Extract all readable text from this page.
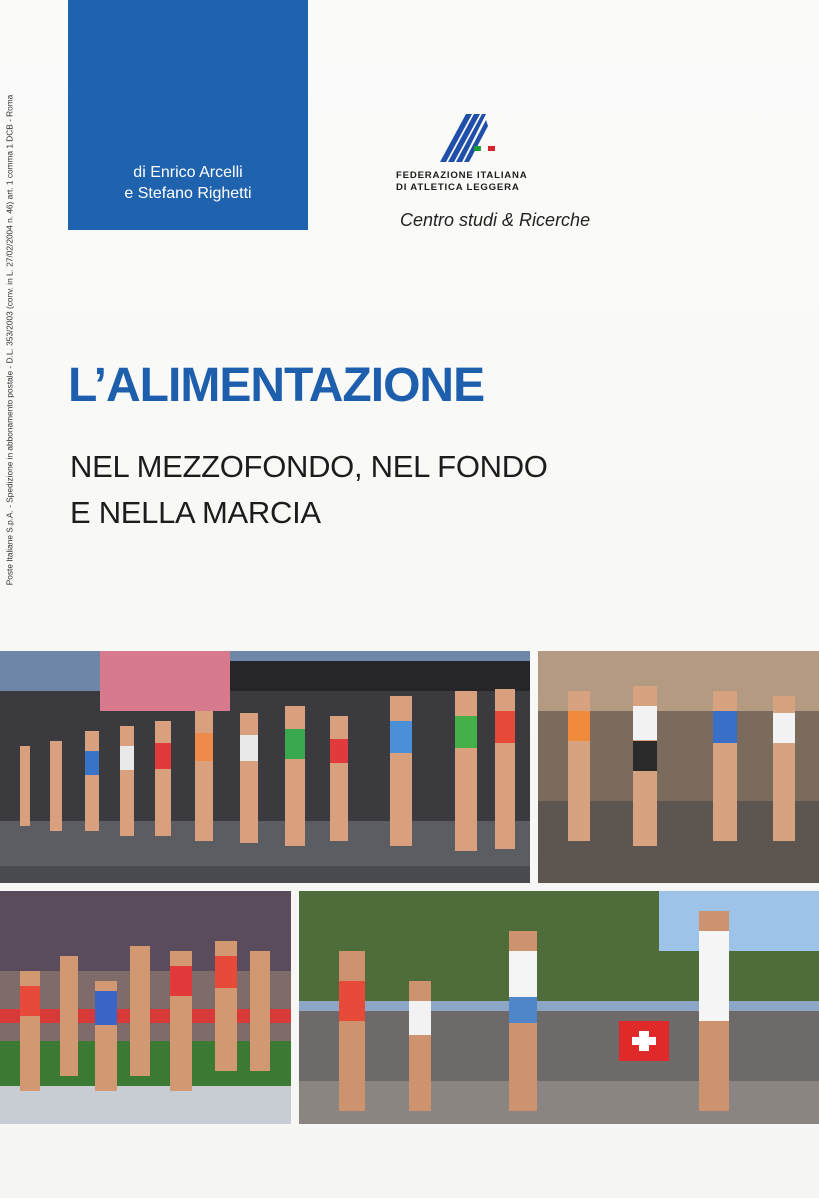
Poste Italiane S.p.A. - Spedizione in abbonamento postale - D.L. 353/2003 (conv. in L. 27/02/2004 n. 46) art. 1 comma 1 DCB - Roma	di Enrico Arcelli
e Stefano Righetti
FEDERAZIONE ITALIANA
DI ATLETICA LEGGERA
Centro studi & Ricerche
L’ALIMENTAZIONE
NEL MEZZOFONDO, NEL FONDO
E NELLA MARCIA
